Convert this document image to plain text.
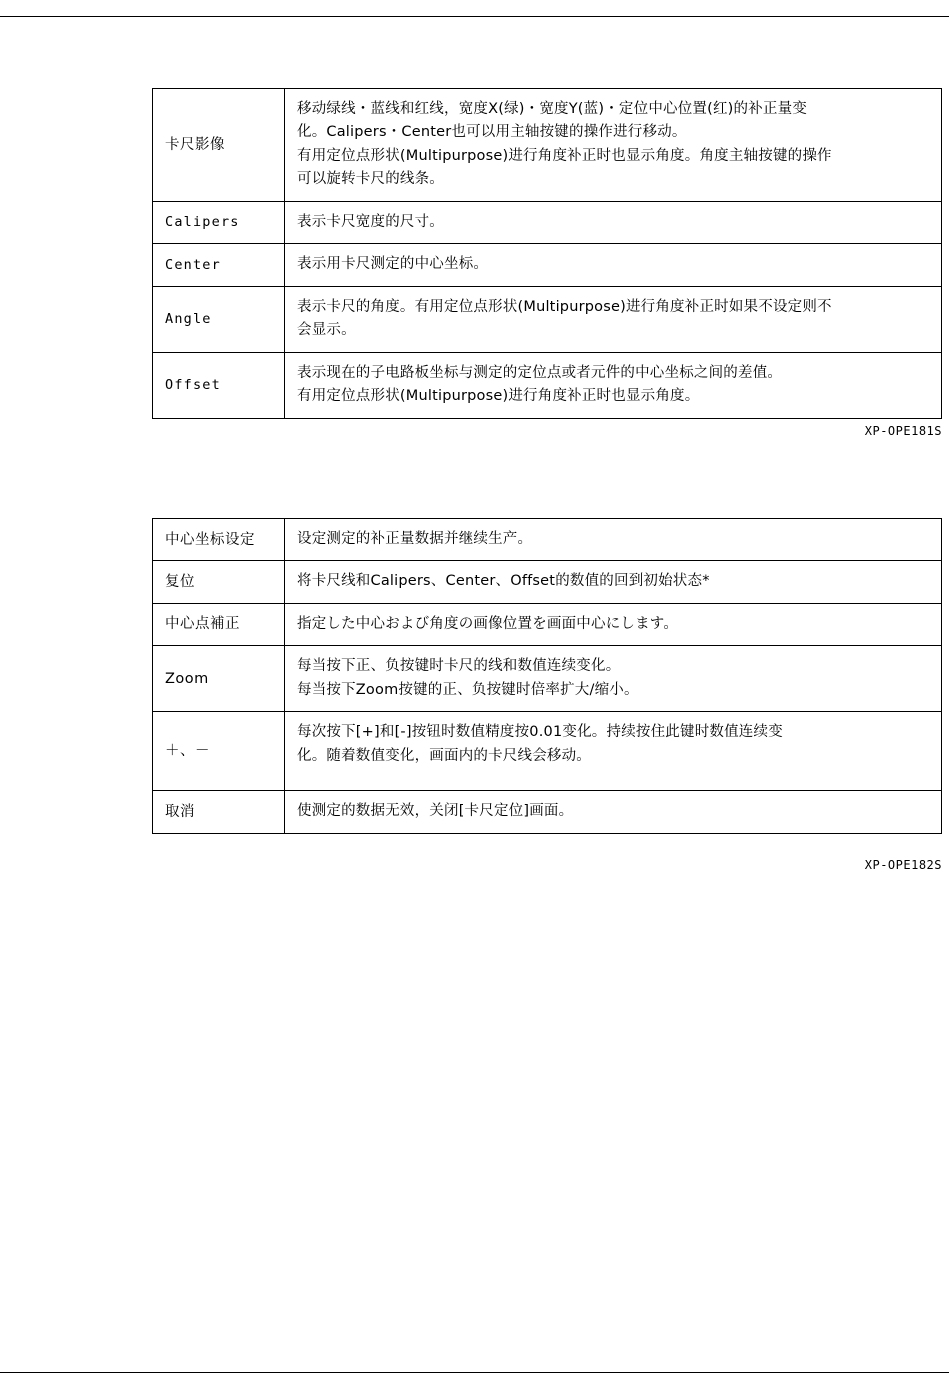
卡尺影像	移动绿线・蓝线和红线，宽度X(绿)・宽度Y(蓝)・定位中心位置(红)的补正量变
化。Calipers・Center也可以用主轴按键的操作进行移动。
有用定位点形状(Multipurpose)进行角度补正时也显示角度。角度主轴按键的操作
可以旋转卡尺的线条。

Calipers	表示卡尺宽度的尺寸。

Center	表示用卡尺测定的中心坐标。

Angle	表示卡尺的角度。有用定位点形状(Multipurpose)进行角度补正时如果不设定则不
会显示。

Offset	表示现在的子电路板坐标与测定的定位点或者元件的中心坐标之间的差值。
有用定位点形状(Multipurpose)进行角度补正时也显示角度。
XP-OPE181S
中心坐标设定	设定测定的补正量数据并继续生产。

复位	将卡尺线和Calipers、Center、Offset的数值的回到初始状态*

中心点補正	指定した中心および角度の画像位置を画面中心にします。

Zoom	每当按下正、负按键时卡尺的线和数值连续变化。
每当按下Zoom按键的正、负按键时倍率扩大/缩小。

＋、－	每次按下[+]和[-]按钮时数值精度按0.01变化。持续按住此键时数值连续变
化。随着数值变化，画面内的卡尺线会移动。

取消	使测定的数据无效，关闭[卡尺定位]画面。
XP-OPE182S
